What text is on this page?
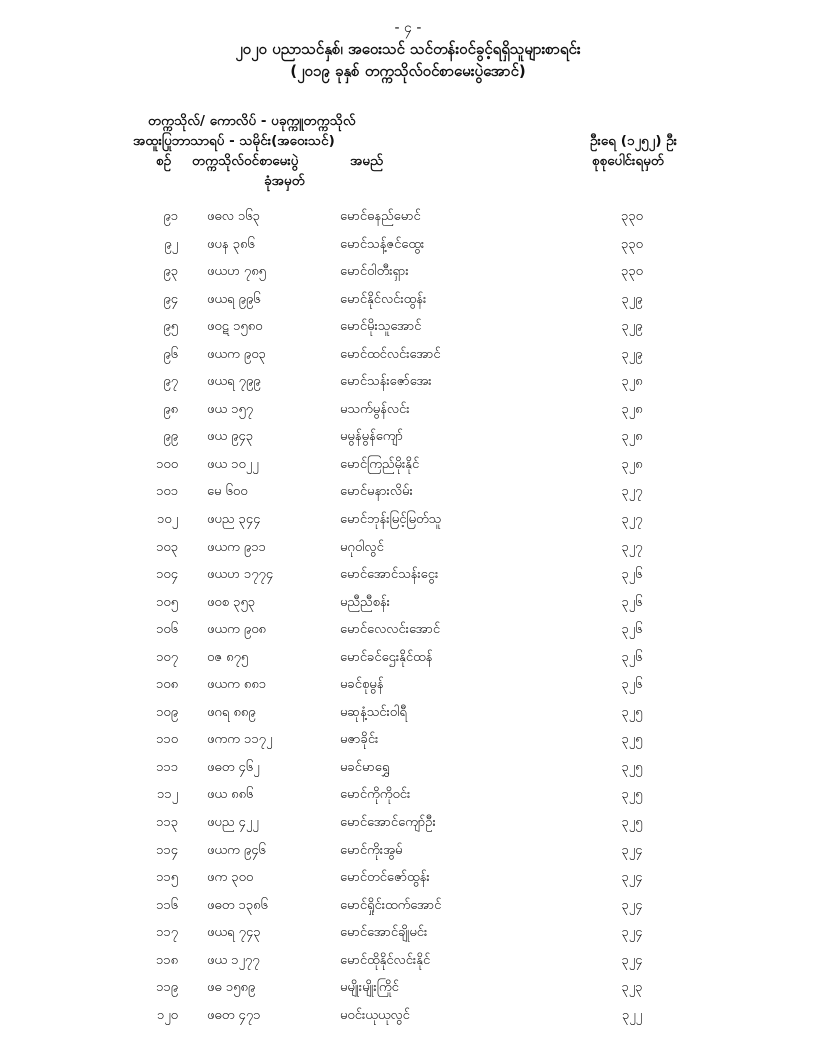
- ၄ -
၂၀၂၀ ပညာသင်နှစ်၊ အဝေးသင် သင်တန်းဝင်ခွင့်ရရှိသူများစာရင်း
(၂၀၁၉ ခုနှစ် တက္ကသိုလ်ဝင်စာမေးပွဲအောင်)
တက္ကသိုလ်/ ကောလိပ် - ပခုက္ကူတက္ကသိုလ်
အထူးပြုဘာသာရပ် - သမိုင်း(အဝေးသင်)	ဦးရေ (၁၂၅၂) ဦး
စဉ် တက္ကသိုလ်ဝင်စာမေးပွဲ
ခုံအမှတ်
အမည်	စုစုပေါင်းရမှတ်
၉၁ ဖဓလ ၁၆၃	မောင်ဓနည်မောင်	၃၃၀
၉၂ ဖပန ၃၈၆	မောင်သန့်ဇင်ထွေး	၃၃၀
၉၃ ဖယဟ ၇၈၅	မောင်ဝါတီးရှား	၃၃၀
၉၄ ဖယရ ၉၉၆	မောင်နိုင်လင်းထွန်း	၃၂၉
၉၅ ဖဝဋ ၁၅၈၀	မောင်မိုးသူအောင်	၃၂၉
၉၆ ဖယက ၉၀၃	မောင်ထင်လင်းအောင်	၃၂၉
၉၇ ဖယရ ၇၉၉	မောင်သန်းဇော်အေး	၃၂၈
၉၈ ဖယ ၁၅၇	မသက်မွန်လင်း	၃၂၈
၉၉ ဖယ ၉၄၃	မမွန်မွန်ကျော်	၃၂၈
၁၀၀ ဖယ ၁၀၂၂	မောင်ကြည်မိုးနိုင်	၃၂၈
၁၀၁ မေ ၆၀၀	မောင်မနားလိမ်း	၃၂၇
၁၀၂ ဖပည ၃၄၄	မောင်ဘုန်းမြင့်မြတ်သူ	၃၂၇
၁၀၃ ဖယက ၉၁၁	မဂုဝါလွင်	၃၂၇
၁၀၄ ဖယဟ ၁၇၇၄	မောင်အောင်သန်းငွေး	၃၂၆
၁၀၅ ဖဝစ ၃၅၃	မညီညီစန်း	၃၂၆
၁၀၆ ဖယက ၉၀၈	မောင်လေလင်းအောင်	၃၂၆
၁၀၇ ဝဇ ၈၇၅	မောင်ခင်ဌေးနိုင်ထန်	၃၂၆
၁၀၈ ဖယက ၈၈၁	မခင်စုမွန်	၃၂၆
၁၀၉ ဖဂရ ၈၈၉	မဆုနံ့သင်းဝါရီ	၃၂၅
၁၁၀ ဖကက ၁၁၇၂	မဇာခိုင်း	၃၂၅
၁၁၁ ဖဓတ ၄၆၂	မခင်မာရွှေ	၃၂၅
၁၁၂ ဖယ ၈၈၆	မောင်ကိုကိုဝင်း	၃၂၅
၁၁၃ ဖပည ၄၂၂	မောင်အောင်ကျော်ဦး	၃၂၅
၁၁၄ ဖယက ၉၄၆	မောင်ကိုးအွမ်	၃၂၄
၁၁၅ ဖက ၃၀၀	မောင်တင်ဇော်ထွန်း	၃၂၄
၁၁၆ ဖဓတ ၁၃၈၆	မောင်ရှိုင်းထက်အောင်	၃၂၄
၁၁၇ ဖယရ ၇၄၃	မောင်အောင်ချိုမင်း	၃၂၄
၁၁၈ ဖယ ၁၂၇၇	မောင်ထိုနိုင်လင်းနိုင်	၃၂၄
၁၁၉ ဖဓ ၁၅၈၉	မမျိုးမျိုးကြိုင်	၃၂၃
၁၂၀ ဖဓတ ၄၇၁	မဝင်းယုယုလွင်	၃၂၂
